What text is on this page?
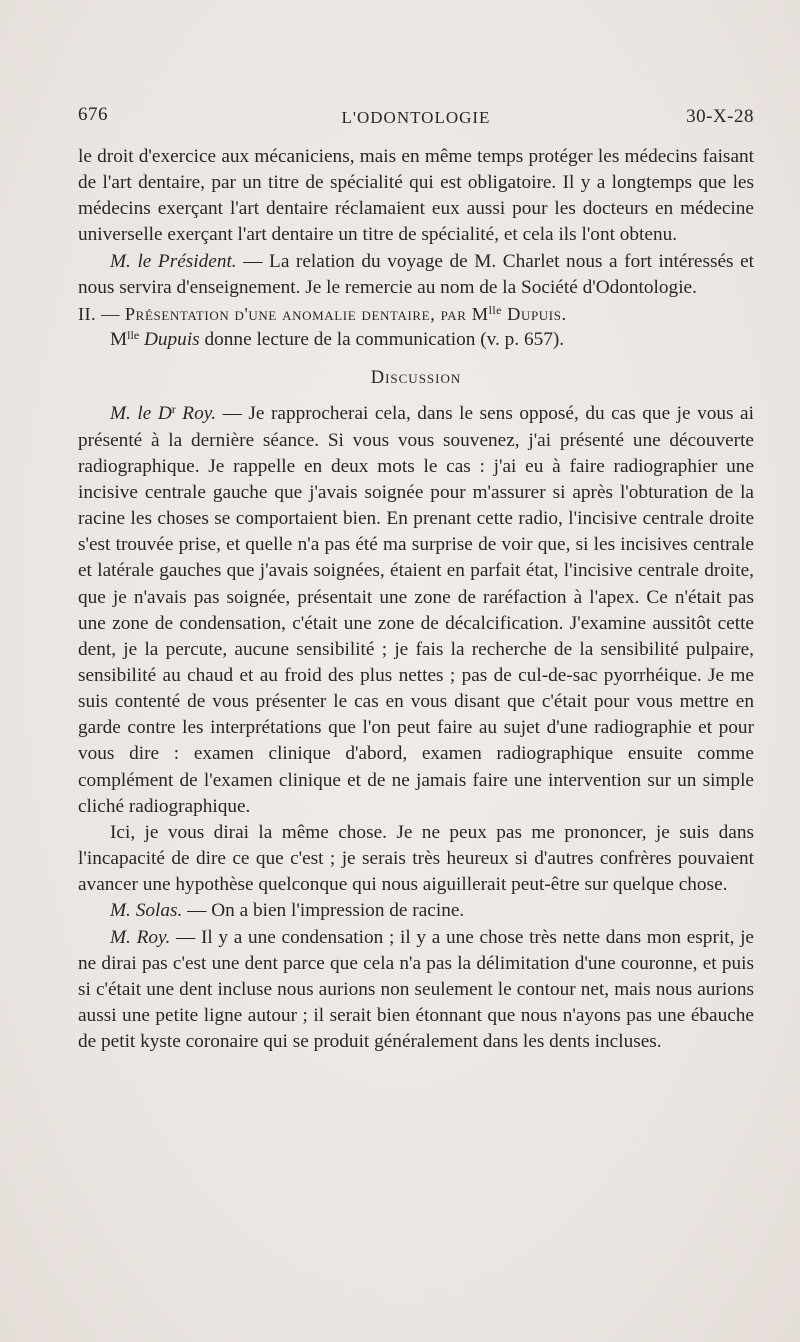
676	L'ODONTOLOGIE	30-X-28

le droit d'exercice aux mécaniciens, mais en même temps protéger les médecins faisant de l'art dentaire, par un titre de spécialité qui est obligatoire. Il y a longtemps que les médecins exerçant l'art dentaire réclamaient eux aussi pour les docteurs en médecine universelle exerçant l'art dentaire un titre de spécialité, et cela ils l'ont obtenu.

M. le Président. — La relation du voyage de M. Charlet nous a fort intéressés et nous servira d'enseignement. Je le remercie au nom de la Société d'Odontologie.

II. — Présentation d'une anomalie dentaire, par $M^{lle}$ Dupuis.

$M^{lle}$ Dupuis donne lecture de la communication (v. p. 657).

Discussion

M. le $D^r$ Roy. — Je rapprocherai cela, dans le sens opposé, du cas que je vous ai présenté à la dernière séance. Si vous vous souvenez, j'ai présenté une découverte radiographique. Je rappelle en deux mots le cas : j'ai eu à faire radiographier une incisive centrale gauche que j'avais soignée pour m'assurer si après l'obturation de la racine les choses se comportaient bien. En prenant cette radio, l'incisive centrale droite s'est trouvée prise, et quelle n'a pas été ma surprise de voir que, si les incisives centrale et latérale gauches que j'avais soignées, étaient en parfait état, l'incisive centrale droite, que je n'avais pas soignée, présentait une zone de raréfaction à l'apex. Ce n'était pas une zone de condensation, c'était une zone de décalcification. J'examine aussitôt cette dent, je la percute, aucune sensibilité ; je fais la recherche de la sensibilité pulpaire, sensibilité au chaud et au froid des plus nettes ; pas de cul-de-sac pyorrhéique. Je me suis contenté de vous présenter le cas en vous disant que c'était pour vous mettre en garde contre les interprétations que l'on peut faire au sujet d'une radiographie et pour vous dire : examen clinique d'abord, examen radiographique ensuite comme complément de l'examen clinique et de ne jamais faire une intervention sur un simple cliché radiographique.

Ici, je vous dirai la même chose. Je ne peux pas me prononcer, je suis dans l'incapacité de dire ce que c'est ; je serais très heureux si d'autres confrères pouvaient avancer une hypothèse quelconque qui nous aiguillerait peut-être sur quelque chose.

M. Solas. — On a bien l'impression de racine.

M. Roy. — Il y a une condensation ; il y a une chose très nette dans mon esprit, je ne dirai pas c'est une dent parce que cela n'a pas la délimitation d'une couronne, et puis si c'était une dent incluse nous aurions non seulement le contour net, mais nous aurions aussi une petite ligne autour ; il serait bien étonnant que nous n'ayons pas une ébauche de petit kyste coronaire qui se produit généralement dans les dents incluses.
